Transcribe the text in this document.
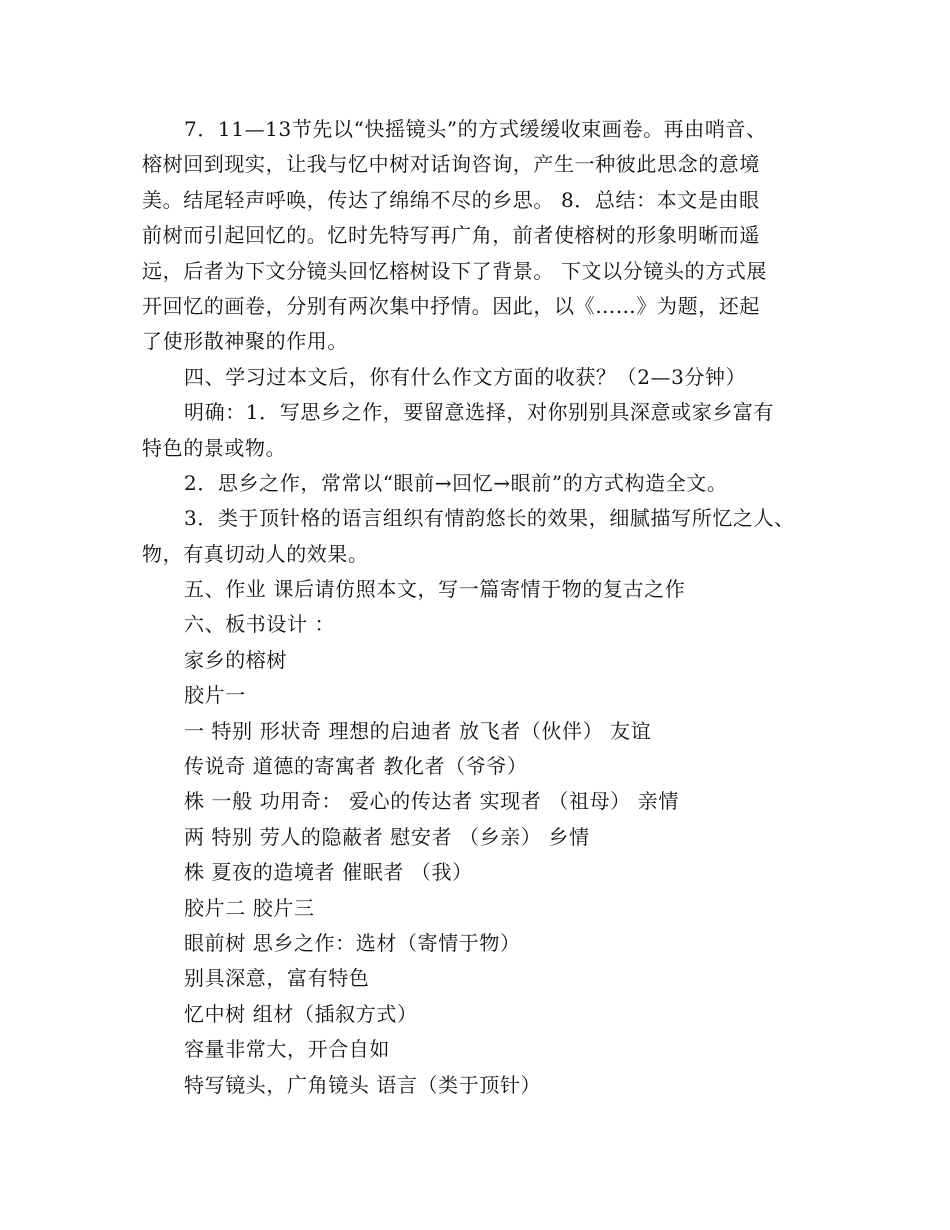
7．11—13节先以“快摇镜头”的方式缓缓收束画卷。再由哨音、
榕树回到现实，让我与忆中树对话询咨询，产生一种彼此思念的意境
美。结尾轻声呼唤，传达了绵绵不尽的乡思。 8．总结：本文是由眼
前树而引起回忆的。忆时先特写再广角，前者使榕树的形象明晰而遥
远，后者为下文分镜头回忆榕树设下了背景。 下文以分镜头的方式展
开回忆的画卷，分别有两次集中抒情。因此，以《……》为题，还起
了使形散神聚的作用。
四、学习过本文后，你有什么作文方面的收获？（2—3分钟）
明确：1．写思乡之作，要留意选择，对你别别具深意或家乡富有
特色的景或物。
2．思乡之作，常常以“眼前→回忆→眼前”的方式构造全文。
3．类于顶针格的语言组织有情韵悠长的效果，细腻描写所忆之人、
物，有真切动人的效果。
五、作业 课后请仿照本文，写一篇寄情于物的复古之作
六、板书设计 ：
家乡的榕树
胶片一
一 特别 形状奇 理想的启迪者 放飞者（伙伴） 友谊
传说奇 道德的寄寓者 教化者（爷爷）
株 一般 功用奇： 爱心的传达者 实现者 （祖母） 亲情
两 特别 劳人的隐蔽者 慰安者 （乡亲） 乡情
株 夏夜的造境者 催眠者 （我）
胶片二 胶片三
眼前树 思乡之作：选材（寄情于物）
别具深意，富有特色
忆中树 组材（插叙方式）
容量非常大，开合自如
特写镜头，广角镜头 语言（类于顶针）
